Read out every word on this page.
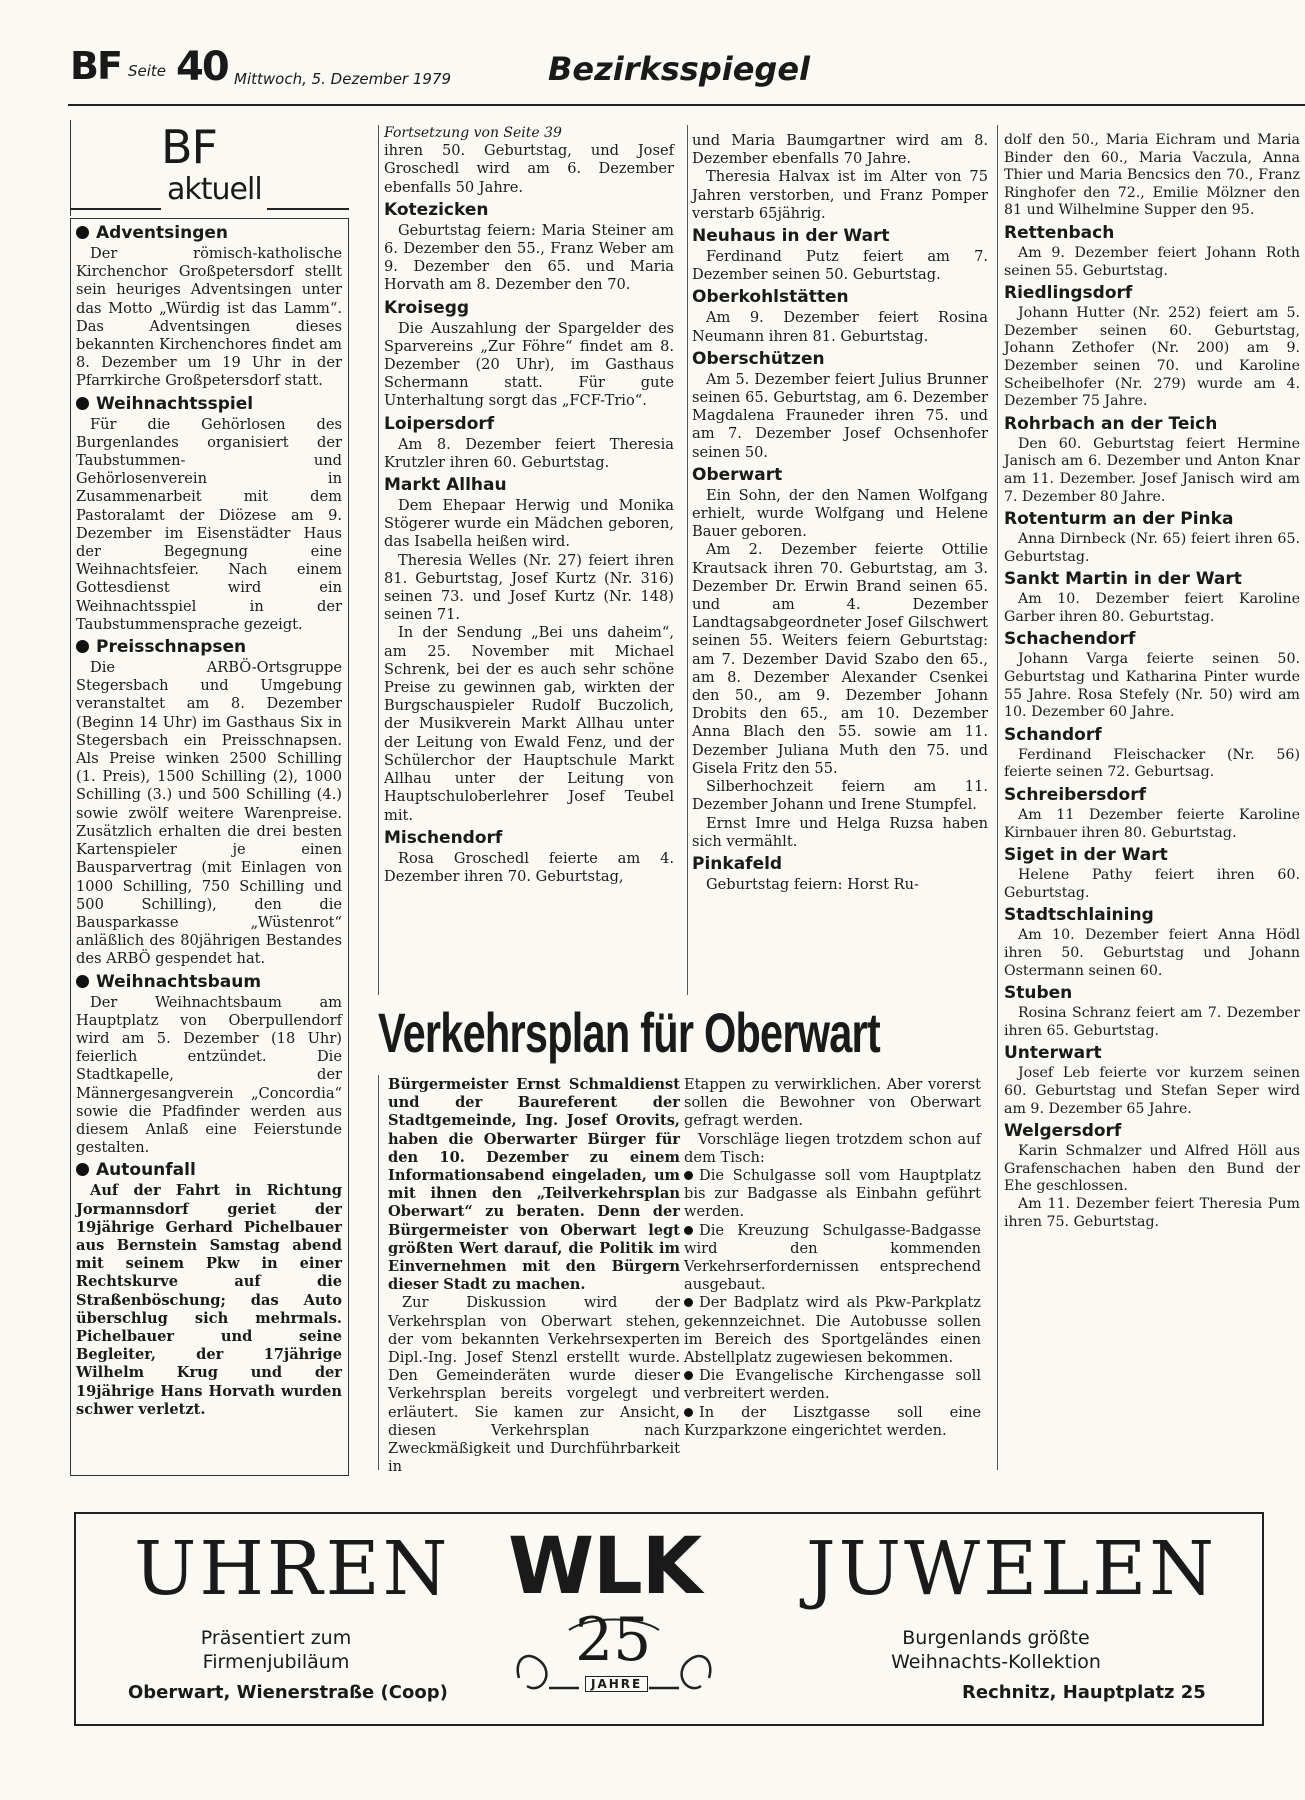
BF Seite 40 Mittwoch, 5. Dezember 1979	Bezirksspiegel
BF
aktuell
Adventsingen

Der römisch-katholische Kirchenchor Großpetersdorf stellt sein heuriges Adventsingen unter das Motto „Würdig ist das Lamm“. Das Adventsingen dieses bekannten Kirchenchores findet am 8. Dezember um 19 Uhr in der Pfarrkirche Großpetersdorf statt.

Weihnachtsspiel

Für die Gehörlosen des Burgenlandes organisiert der Taubstummen- und Gehörlosenverein in Zusammenarbeit mit dem Pastoralamt der Diözese am 9. Dezember im Eisenstädter Haus der Begegnung eine Weihnachtsfeier. Nach einem Gottesdienst wird ein Weihnachtsspiel in der Taubstummensprache gezeigt.

Preisschnapsen

Die ARBÖ-Ortsgruppe Stegersbach und Umgebung veranstaltet am 8. Dezember (Beginn 14 Uhr) im Gasthaus Six in Stegersbach ein Preisschnapsen. Als Preise winken 2500 Schilling (1. Preis), 1500 Schilling (2), 1000 Schilling (3.) und 500 Schilling (4.) sowie zwölf weitere Warenpreise. Zusätzlich erhalten die drei besten Kartenspieler je einen Bausparvertrag (mit Einlagen von 1000 Schilling, 750 Schilling und 500 Schilling), den die Bausparkasse „Wüstenrot“ anläßlich des 80jährigen Bestandes des ARBÖ gespendet hat.

Weihnachtsbaum

Der Weihnachtsbaum am Hauptplatz von Oberpullendorf wird am 5. Dezember (18 Uhr) feierlich entzündet. Die Stadtkapelle, der Männergesangverein „Concordia“ sowie die Pfadfinder werden aus diesem Anlaß eine Feierstunde gestalten.

Autounfall

Auf der Fahrt in Richtung Jormannsdorf geriet der 19jährige Gerhard Pichelbauer aus Bernstein Samstag abend mit seinem Pkw in einer Rechtskurve auf die Straßenböschung; das Auto überschlug sich mehrmals. Pichelbauer und seine Begleiter, der 17jährige Wilhelm Krug und der 19jährige Hans Horvath wurden schwer verletzt.

Fortsetzung von Seite 39

ihren 50. Geburtstag, und Josef Groschedl wird am 6. Dezember ebenfalls 50 Jahre.

Kotezicken

Geburtstag feiern: Maria Steiner am 6. Dezember den 55., Franz Weber am 9. Dezember den 65. und Maria Horvath am 8. Dezember den 70.

Kroisegg

Die Auszahlung der Spargelder des Sparvereins „Zur Föhre“ findet am 8. Dezember (20 Uhr), im Gasthaus Schermann statt. Für gute Unterhaltung sorgt das „FCF-Trio“.

Loipersdorf

Am 8. Dezember feiert Theresia Krutzler ihren 60. Geburtstag.

Markt Allhau

Dem Ehepaar Herwig und Monika Stögerer wurde ein Mädchen geboren, das Isabella heißen wird.

Theresia Welles (Nr. 27) feiert ihren 81. Geburtstag, Josef Kurtz (Nr. 316) seinen 73. und Josef Kurtz (Nr. 148) seinen 71.

In der Sendung „Bei uns daheim“, am 25. November mit Michael Schrenk, bei der es auch sehr schöne Preise zu gewinnen gab, wirkten der Burgschauspieler Rudolf Buczolich, der Musikverein Markt Allhau unter der Leitung von Ewald Fenz, und der Schülerchor der Hauptschule Markt Allhau unter der Leitung von Hauptschuloberlehrer Josef Teubel mit.

Mischendorf

Rosa Groschedl feierte am 4. Dezember ihren 70. Geburtstag,

und Maria Baumgartner wird am 8. Dezember ebenfalls 70 Jahre.

Theresia Halvax ist im Alter von 75 Jahren verstorben, und Franz Pomper verstarb 65jährig.

Neuhaus in der Wart

Ferdinand Putz feiert am 7. Dezember seinen 50. Geburtstag.

Oberkohlstätten

Am 9. Dezember feiert Rosina Neumann ihren 81. Geburtstag.

Oberschützen

Am 5. Dezember feiert Julius Brunner seinen 65. Geburtstag, am 6. Dezember Magdalena Frauneder ihren 75. und am 7. Dezember Josef Ochsenhofer seinen 50.

Oberwart

Ein Sohn, der den Namen Wolfgang erhielt, wurde Wolfgang und Helene Bauer geboren.

Am 2. Dezember feierte Ottilie Krautsack ihren 70. Geburtstag, am 3. Dezember Dr. Erwin Brand seinen 65. und am 4. Dezember Landtagsabgeordneter Josef Gilschwert seinen 55. Weiters feiern Geburtstag: am 7. Dezember David Szabo den 65., am 8. Dezember Alexander Csenkei den 50., am 9. Dezember Johann Drobits den 65., am 10. Dezember Anna Blach den 55. sowie am 11. Dezember Juliana Muth den 75. und Gisela Fritz den 55.

Silberhochzeit feiern am 11. Dezember Johann und Irene Stumpfel.

Ernst Imre und Helga Ruzsa haben sich vermählt.

Pinkafeld

Geburtstag feiern: Horst Ru-

dolf den 50., Maria Eichram und Maria Binder den 60., Maria Vaczula, Anna Thier und Maria Bencsics den 70., Franz Ringhofer den 72., Emilie Mölzner den 81 und Wilhelmine Supper den 95.

Rettenbach

Am 9. Dezember feiert Johann Roth seinen 55. Geburtstag.

Riedlingsdorf

Johann Hutter (Nr. 252) feiert am 5. Dezember seinen 60. Geburtstag, Johann Zethofer (Nr. 200) am 9. Dezember seinen 70. und Karoline Scheibelhofer (Nr. 279) wurde am 4. Dezember 75 Jahre.

Rohrbach an der Teich

Den 60. Geburtstag feiert Hermine Janisch am 6. Dezember und Anton Knar am 11. Dezember. Josef Janisch wird am 7. Dezember 80 Jahre.

Rotenturm an der Pinka

Anna Dirnbeck (Nr. 65) feiert ihren 65. Geburtstag.

Sankt Martin in der Wart

Am 10. Dezember feiert Karoline Garber ihren 80. Geburtstag.

Schachendorf

Johann Varga feierte seinen 50. Geburtstag und Katharina Pinter wurde 55 Jahre. Rosa Stefely (Nr. 50) wird am 10. Dezember 60 Jahre.

Schandorf

Ferdinand Fleischacker (Nr. 56) feierte seinen 72. Geburtsag.

Schreibersdorf

Am 11 Dezember feierte Karoline Kirnbauer ihren 80. Geburtstag.

Siget in der Wart

Helene Pathy feiert ihren 60. Geburtstag.

Stadtschlaining

Am 10. Dezember feiert Anna Hödl ihren 50. Geburtstag und Johann Ostermann seinen 60.

Stuben

Rosina Schranz feiert am 7. Dezember ihren 65. Geburtstag.

Unterwart

Josef Leb feierte vor kurzem seinen 60. Geburtstag und Stefan Seper wird am 9. Dezember 65 Jahre.

Welgersdorf

Karin Schmalzer und Alfred Höll aus Grafenschachen haben den Bund der Ehe geschlossen.

Am 11. Dezember feiert Theresia Pum ihren 75. Geburtstag.

Verkehrsplan für Oberwart

Bürgermeister Ernst Schmaldienst und der Baureferent der Stadtgemeinde, Ing. Josef Orovits, haben die Oberwarter Bürger für den 10. Dezember zu einem Informationsabend eingeladen, um mit ihnen den „Teilverkehrsplan Oberwart“ zu beraten. Denn der Bürgermeister von Oberwart legt größten Wert darauf, die Politik im Einvernehmen mit den Bürgern dieser Stadt zu machen.

Zur Diskussion wird der Verkehrsplan von Oberwart stehen, der vom bekannten Verkehrsexperten Dipl.-Ing. Josef Stenzl erstellt wurde. Den Gemeinderäten wurde dieser Verkehrsplan bereits vorgelegt und erläutert. Sie kamen zur Ansicht, diesen Verkehrsplan nach Zweckmäßigkeit und Durchführbarkeit in

Etappen zu verwirklichen. Aber vorerst sollen die Bewohner von Oberwart gefragt werden.

Vorschläge liegen trotzdem schon auf dem Tisch:

Die Schulgasse soll vom Hauptplatz bis zur Badgasse als Einbahn geführt werden.

Die Kreuzung Schulgasse-Badgasse wird den kommenden Verkehrserfordernissen entsprechend ausgebaut.

Der Badplatz wird als Pkw-Parkplatz gekennzeichnet. Die Autobusse sollen im Bereich des Sportgeländes einen Abstellplatz zugewiesen bekommen.

Die Evangelische Kirchengasse soll verbreitert werden.

In der Lisztgasse soll eine Kurzparkzone eingerichtet werden.

UHREN WLK JUWELEN
Präsentiert zum Firmenjubiläum
Burgenlands größte Weihnachts-Kollektion
25
JAHRE
Oberwart, Wienerstraße (Coop)	Rechnitz, Hauptplatz 25
